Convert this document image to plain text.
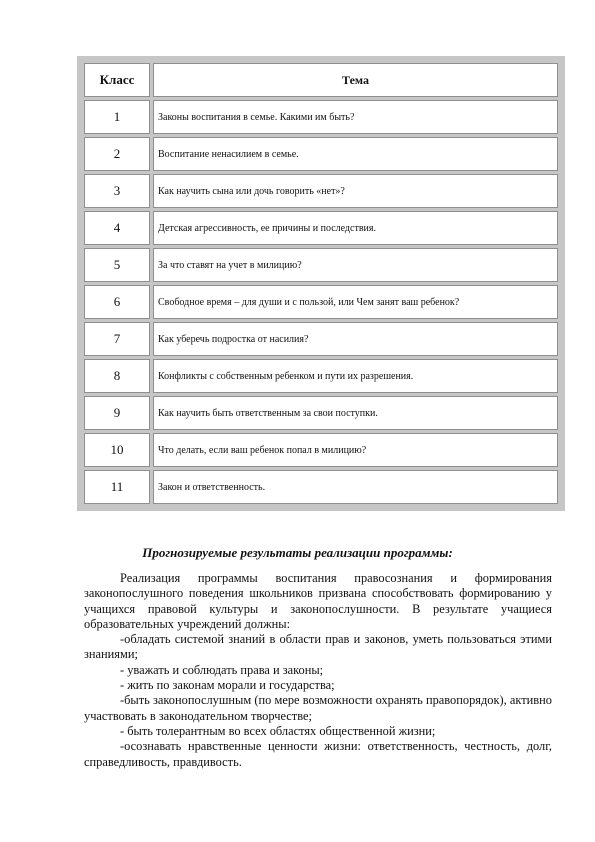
Класс	Тема
1	Законы воспитания в семье. Какими им быть?
2	Воспитание ненасилием в семье.
3	Как научить сына или дочь говорить «нет»?
4	Детская агрессивность, ее причины и последствия.
5	За что ставят на учет в милицию?
6	Свободное время – для души и с пользой, или Чем занят ваш ребенок?
7	Как уберечь подростка от насилия?
8	Конфликты с собственным ребенком и пути их разрешения.
9	Как научить быть ответственным за свои поступки.
10	Что делать, если ваш ребенок попал в милицию?
11	Закон и ответственность.
Прогнозируемые результаты реализации программы:

Реализация программы воспитания правосознания и формирования законопослушного поведения школьников призвана способствовать формированию у учащихся правовой культуры и законопослушности. В результате учащиеся образовательных учреждений должны:

-обладать системой знаний в области прав и законов, уметь пользоваться этими знаниями;

- уважать и соблюдать права и законы;

- жить по законам морали и государства;

-быть законопослушным (по мере возможности охранять правопорядок), активно участвовать в законодательном творчестве;

- быть толерантным во всех областях общественной жизни;

-осознавать нравственные ценности жизни: ответственность, честность, долг, справедливость, правдивость.
